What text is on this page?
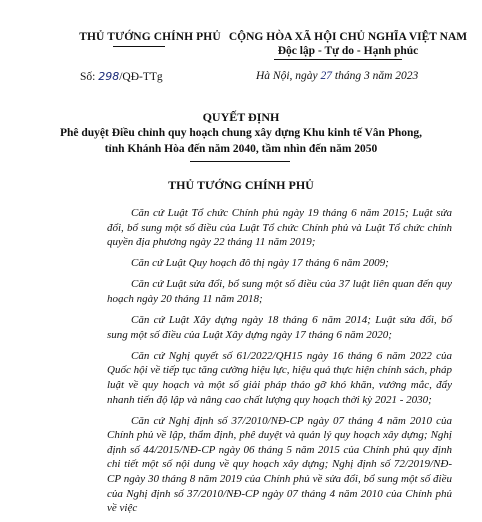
THỦ TƯỚNG CHÍNH PHỦ CỘNG HÒA XÃ HỘI CHỦ NGHĨA VIỆT NAM
Độc lập - Tự do - Hạnh phúc
Số: 298/QĐ-TTg	Hà Nội, ngày 27 tháng 3 năm 2023
QUYẾT ĐỊNH
Phê duyệt Điều chỉnh quy hoạch chung xây dựng Khu kinh tế Vân Phong,
tỉnh Khánh Hòa đến năm 2040, tầm nhìn đến năm 2050
THỦ TƯỚNG CHÍNH PHỦ

Căn cứ Luật Tổ chức Chính phủ ngày 19 tháng 6 năm 2015; Luật sửa đổi, bổ sung một số điều của Luật Tổ chức Chính phủ và Luật Tổ chức chính quyền địa phương ngày 22 tháng 11 năm 2019;

Căn cứ Luật Quy hoạch đô thị ngày 17 tháng 6 năm 2009;

Căn cứ Luật sửa đổi, bổ sung một số điều của 37 luật liên quan đến quy hoạch ngày 20 tháng 11 năm 2018;

Căn cứ Luật Xây dựng ngày 18 tháng 6 năm 2014; Luật sửa đổi, bổ sung một số điều của Luật Xây dựng ngày 17 tháng 6 năm 2020;

Căn cứ Nghị quyết số 61/2022/QH15 ngày 16 tháng 6 năm 2022 của Quốc hội về tiếp tục tăng cường hiệu lực, hiệu quả thực hiện chính sách, pháp luật về quy hoạch và một số giải pháp tháo gỡ khó khăn, vướng mắc, đẩy nhanh tiến độ lập và nâng cao chất lượng quy hoạch thời kỳ 2021 - 2030;

Căn cứ Nghị định số 37/2010/NĐ-CP ngày 07 tháng 4 năm 2010 của Chính phủ về lập, thẩm định, phê duyệt và quản lý quy hoạch xây dựng; Nghị định số 44/2015/NĐ-CP ngày 06 tháng 5 năm 2015 của Chính phủ quy định chi tiết một số nội dung về quy hoạch xây dựng; Nghị định số 72/2019/NĐ-CP ngày 30 tháng 8 năm 2019 của Chính phủ về sửa đổi, bổ sung một số điều của Nghị định số 37/2010/NĐ-CP ngày 07 tháng 4 năm 2010 của Chính phủ về việc
